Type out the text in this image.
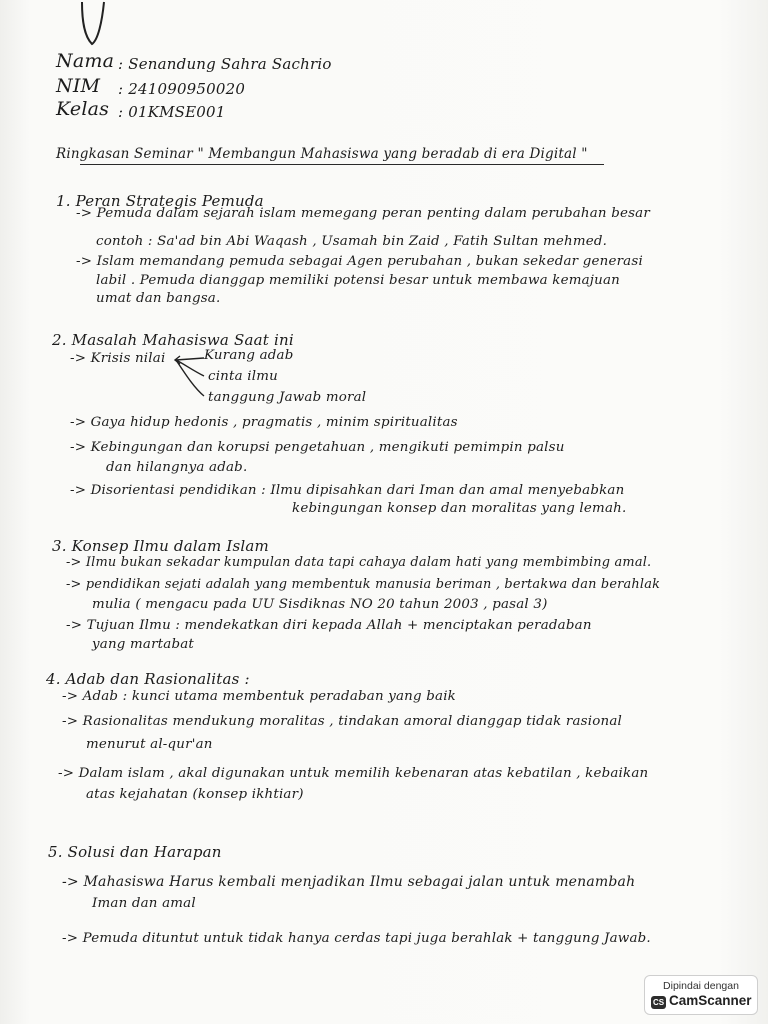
Nama : Senandung Sahra Sachrio
NIM : 241090950020
Kelas : 01KMSE001
Ringkasan Seminar " Membangun Mahasiswa yang beradab di era Digital "
1. Peran Strategis Pemuda
-> Pemuda dalam sejarah islam memegang peran penting dalam perubahan besar
contoh : Sa'ad bin Abi Waqash , Usamah bin Zaid , Fatih Sultan mehmed.
-> Islam memandang pemuda sebagai Agen perubahan , bukan sekedar generasi
labil . Pemuda dianggap memiliki potensi besar untuk membawa kemajuan
umat dan bangsa.
2. Masalah Mahasiswa Saat ini
-> Krisis nilai	Kurang adab
cinta ilmu
tanggung Jawab moral
-> Gaya hidup hedonis , pragmatis , minim spiritualitas
-> Kebingungan dan korupsi pengetahuan , mengikuti pemimpin palsu
dan hilangnya adab.
-> Disorientasi pendidikan : Ilmu dipisahkan dari Iman dan amal menyebabkan
kebingungan konsep dan moralitas yang lemah.
3. Konsep Ilmu dalam Islam
-> Ilmu bukan sekadar kumpulan data tapi cahaya dalam hati yang membimbing amal.
-> pendidikan sejati adalah yang membentuk manusia beriman , bertakwa dan berahlak
mulia ( mengacu pada UU Sisdiknas NO 20 tahun 2003 , pasal 3)
-> Tujuan Ilmu : mendekatkan diri kepada Allah + menciptakan peradaban
yang martabat
4. Adab dan Rasionalitas :
-> Adab : kunci utama membentuk peradaban yang baik
-> Rasionalitas mendukung moralitas , tindakan amoral dianggap tidak rasional
menurut al-qur'an
-> Dalam islam , akal digunakan untuk memilih kebenaran atas kebatilan , kebaikan
atas kejahatan (konsep ikhtiar)
5. Solusi dan Harapan
-> Mahasiswa Harus kembali menjadikan Ilmu sebagai jalan untuk menambah
Iman dan amal
-> Pemuda dituntut untuk tidak hanya cerdas tapi juga berahlak + tanggung Jawab.
Dipindai dengan
CS CamScanner
